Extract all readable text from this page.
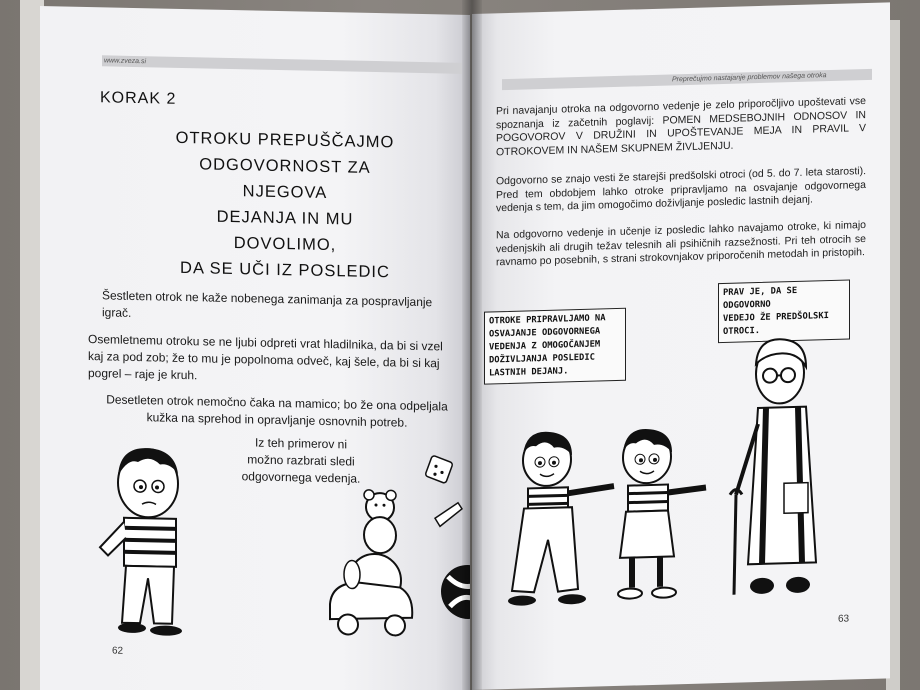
www.zveza.si
KORAK 2
OTROKU PREPUŠČAJMO
ODGOVORNOST ZA NJEGOVA
DEJANJA IN MU DOVOLIMO,
DA SE UČI IZ POSLEDIC
Šestleten otrok ne kaže nobenega zanimanja za pospravljanje igrač.
Osemletnemu otroku se ne ljubi odpreti vrat hladilnika, da bi si vzel kaj za pod zob; že to mu je popolnoma odveč, kaj šele, da bi si kaj pogrel – raje je kruh.
Desetleten otrok nemočno čaka na mamico; bo že ona odpeljala kužka na sprehod in opravljanje osnovnih potreb.
Iz teh primerov ni možno razbrati sledi odgovornega vedenja.
62
Preprečujmo nastajanje problemov našega otroka
Pri navajanju otroka na odgovorno vedenje je zelo priporočljivo upoštevati vse spoznanja iz začetnih poglavij: POMEN MEDSEBOJNIH ODNOSOV IN POGOVOROV V DRUŽINI IN UPOŠTEVANJE MEJA IN PRAVIL V OTROKOVEM IN NAŠEM SKUPNEM ŽIVLJENJU.
Odgovorno se znajo vesti že starejši predšolski otroci (od 5. do 7. leta starosti). Pred tem obdobjem lahko otroke pripravljamo na osvajanje odgovornega vedenja s tem, da jim omogočimo doživljanje posledic lastnih dejanj.
Na odgovorno vedenje in učenje iz posledic lahko navajamo otroke, ki nimajo vedenjskih ali drugih težav telesnih ali psihičnih razsežnosti. Pri teh otrocih se ravnamo po posebnih, s strani strokovnjakov priporočenih metodah in pristopih.
OTROKE PRIPRAVLJAMO NA
OSVAJANJE ODGOVORNEGA
VEDENJA Z OMOGOČANJEM
DOŽIVLJANJA POSLEDIC
LASTNIH DEJANJ.
PRAV JE, DA SE ODGOVORNO
VEDEJO ŽE PREDŠOLSKI OTROCI.
63
